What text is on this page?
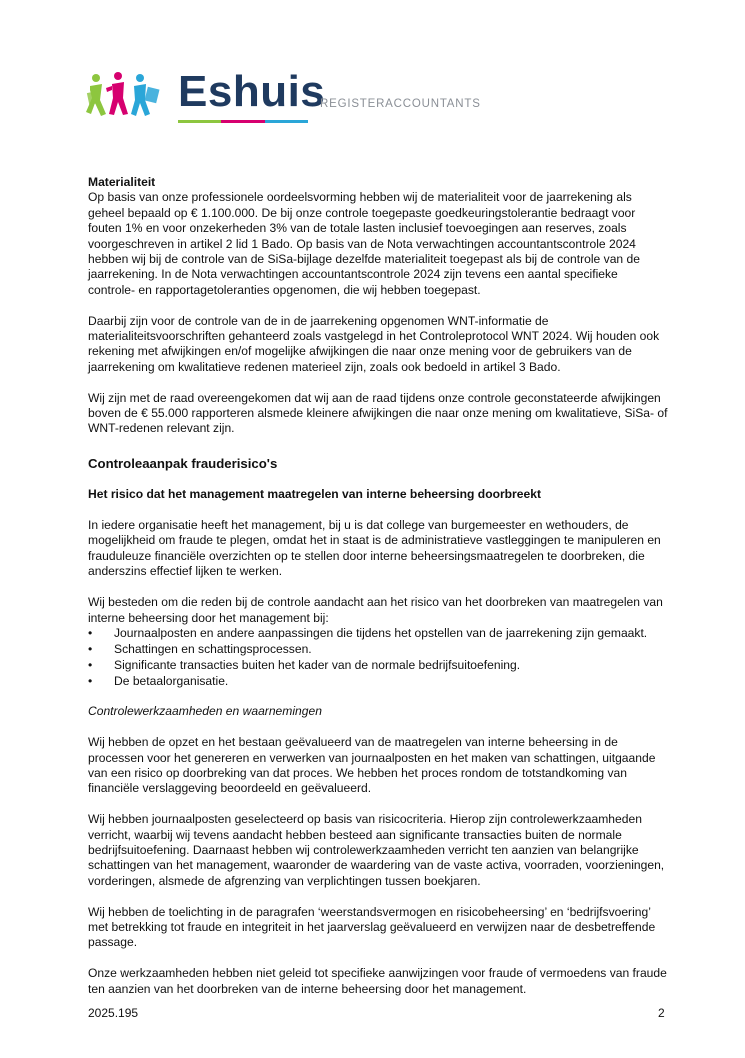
Eshuis
REGISTERACCOUNTANTS

Materialiteit

Op basis van onze professionele oordeelsvorming hebben wij de materialiteit voor de jaarrekening als geheel bepaald op € 1.100.000. De bij onze controle toegepaste goedkeuringstolerantie bedraagt voor fouten 1% en voor onzekerheden 3% van de totale lasten inclusief toevoegingen aan reserves, zoals voorgeschreven in artikel 2 lid 1 Bado. Op basis van de Nota verwachtingen accountantscontrole 2024 hebben wij bij de controle van de SiSa-bijlage dezelfde materialiteit toegepast als bij de controle van de jaarrekening. In de Nota verwachtingen accountantscontrole 2024 zijn tevens een aantal specifieke controle- en rapportagetoleranties opgenomen, die wij hebben toegepast.

Daarbij zijn voor de controle van de in de jaarrekening opgenomen WNT-informatie de materialiteitsvoorschriften gehanteerd zoals vastgelegd in het Controleprotocol WNT 2024. Wij houden ook rekening met afwijkingen en/of mogelijke afwijkingen die naar onze mening voor de gebruikers van de jaarrekening om kwalitatieve redenen materieel zijn, zoals ook bedoeld in artikel 3 Bado.

Wij zijn met de raad overeengekomen dat wij aan de raad tijdens onze controle geconstateerde afwijkingen boven de € 55.000 rapporteren alsmede kleinere afwijkingen die naar onze mening om kwalitatieve, SiSa- of WNT-redenen relevant zijn.

Controleaanpak frauderisico's

Het risico dat het management maatregelen van interne beheersing doorbreekt

In iedere organisatie heeft het management, bij u is dat college van burgemeester en wethouders, de mogelijkheid om fraude te plegen, omdat het in staat is de administratieve vastleggingen te manipuleren en frauduleuze financiële overzichten op te stellen door interne beheersingsmaatregelen te doorbreken, die anderszins effectief lijken te werken.

Wij besteden om die reden bij de controle aandacht aan het risico van het doorbreken van maatregelen van interne beheersing door het management bij:

• Journaalposten en andere aanpassingen die tijdens het opstellen van de jaarrekening zijn gemaakt.
• Schattingen en schattingsprocessen.
• Significante transacties buiten het kader van de normale bedrijfsuitoefening.
• De betaalorganisatie.

Controlewerkzaamheden en waarnemingen

Wij hebben de opzet en het bestaan geëvalueerd van de maatregelen van interne beheersing in de processen voor het genereren en verwerken van journaalposten en het maken van schattingen, uitgaande van een risico op doorbreking van dat proces. We hebben het proces rondom de totstandkoming van financiële verslaggeving beoordeeld en geëvalueerd.

Wij hebben journaalposten geselecteerd op basis van risicocriteria. Hierop zijn controlewerkzaamheden verricht, waarbij wij tevens aandacht hebben besteed aan significante transacties buiten de normale bedrijfsuitoefening. Daarnaast hebben wij controlewerkzaamheden verricht ten aanzien van belangrijke schattingen van het management, waaronder de waardering van de vaste activa, voorraden, voorzieningen, vorderingen, alsmede de afgrenzing van verplichtingen tussen boekjaren.

Wij hebben de toelichting in de paragrafen ‘weerstandsvermogen en risicobeheersing’ en ‘bedrijfsvoering’ met betrekking tot fraude en integriteit in het jaarverslag geëvalueerd en verwijzen naar de desbetreffende passage.

Onze werkzaamheden hebben niet geleid tot specifieke aanwijzingen voor fraude of vermoedens van fraude ten aanzien van het doorbreken van de interne beheersing door het management.

2025.195	2
